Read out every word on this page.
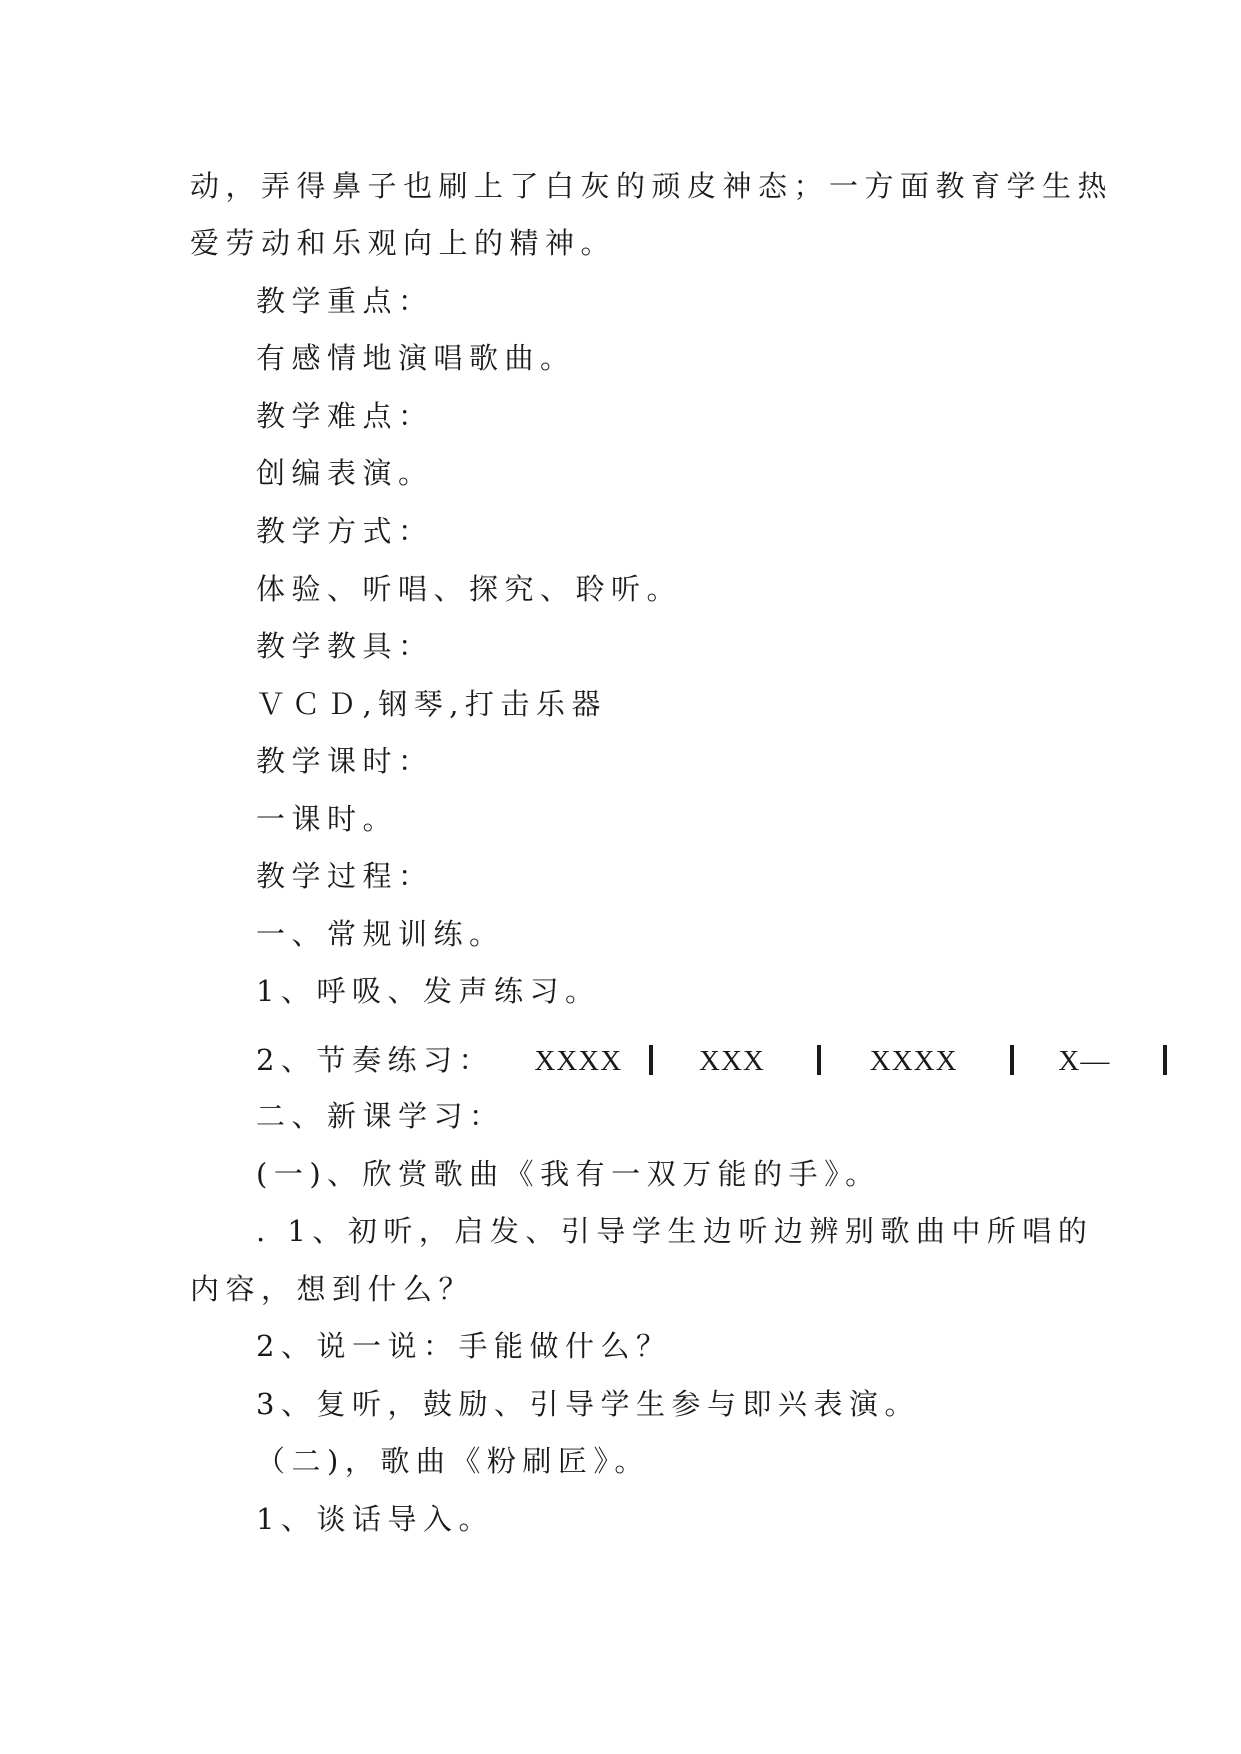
动，弄得鼻子也刷上了白灰的顽皮神态；一方面教育学生热
爱劳动和乐观向上的精神。
教学重点：
有感情地演唱歌曲。
教学难点：
创编表演。
教学方式：
体验、听唱、探究、聆听。
教学教具：
ＶＣＤ,钢琴,打击乐器
教学课时：
一课时。
教学过程：
一、常规训练。
1、呼吸、发声练习。
2、节奏练习： XXXX	XXX	XXXX	X—
二、新课学习：
(一)、欣赏歌曲《我有一双万能的手》。
. 1、初听，启发、引导学生边听边辨别歌曲中所唱的
内容，想到什么？
2、说一说：手能做什么？
3、复听，鼓励、引导学生参与即兴表演。
（二)，歌曲《粉刷匠》。
1、谈话导入。
